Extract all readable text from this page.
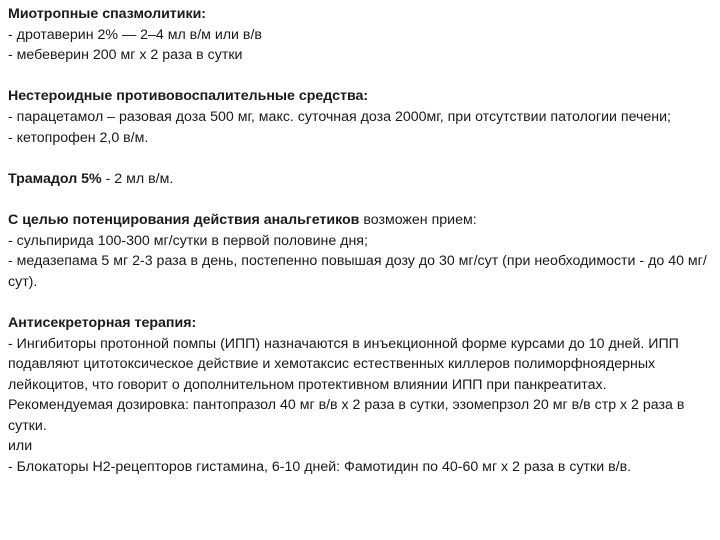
Миотропные спазмолитики:
- дротаверин 2% — 2–4 мл в/м или в/в
- мебеверин 200 мг х 2 раза в сутки
Нестероидные противовоспалительные средства:
- парацетамол – разовая доза 500 мг, макс. суточная доза 2000мг, при отсутствии патологии печени;
- кетопрофен 2,0 в/м.
Трамадол 5% - 2 мл в/м.
С целью потенцирования действия анальгетиков возможен прием:
- сульпирида 100-300 мг/сутки в первой половине дня;
- медазепама 5 мг 2-3 раза в день, постепенно повышая дозу до 30 мг/сут (при необходимости - до 40 мг/сут).
Антисекреторная терапия:
- Ингибиторы протонной помпы (ИПП) назначаются в инъекционной форме курсами до 10 дней. ИПП подавляют цитотоксическое действие и хемотаксис естественных киллеров полиморфноядерных лейкоцитов, что говорит о дополнительном протективном влиянии ИПП при панкреатитах. Рекомендуемая дозировка: пантопразол 40 мг в/в х 2 раза в сутки, эзомепрзол 20 мг в/в стр х 2 раза в сутки.
или
- Блокаторы Н2-рецепторов гистамина, 6-10 дней: Фамотидин по 40-60 мг х 2 раза в сутки в/в.
